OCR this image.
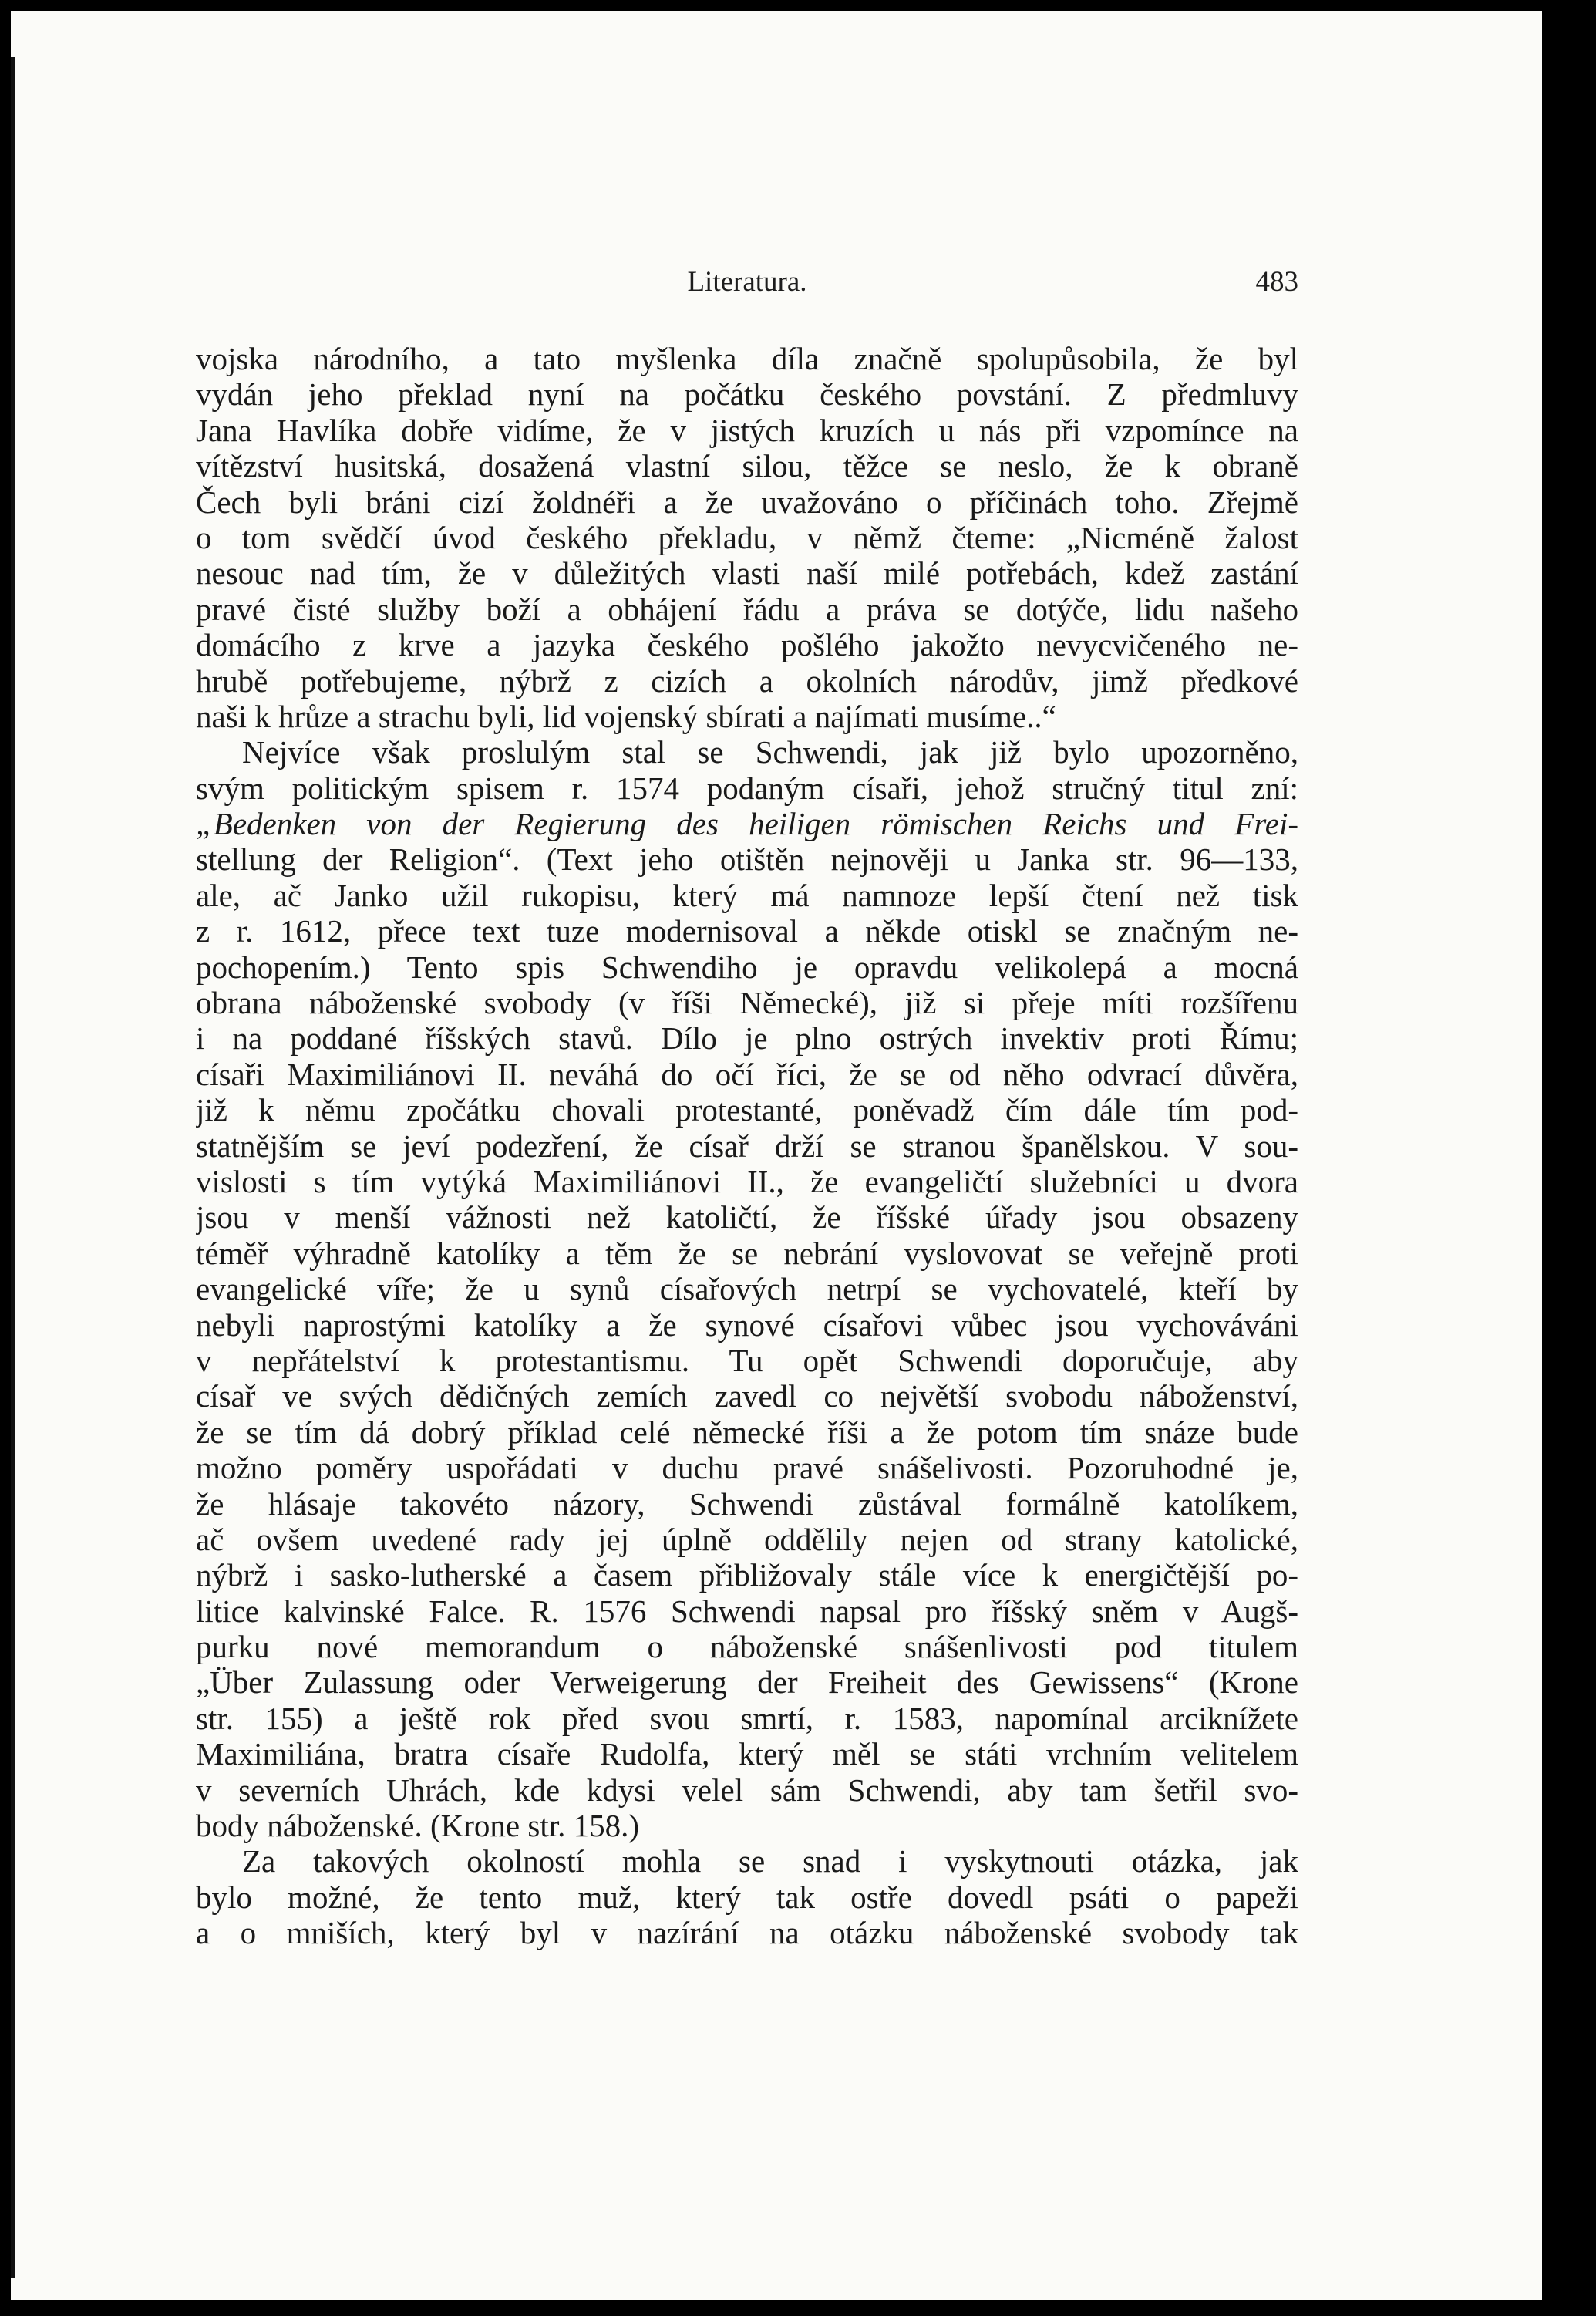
Literatura.	483
vojska národního, a tato myšlenka díla značně spolupůsobila, že byl
vydán jeho překlad nyní na počátku českého povstání. Z předmluvy
Jana Havlíka dobře vidíme, že v jistých kruzích u nás při vzpomínce na
vítězství husitská, dosažená vlastní silou, těžce se neslo, že k obraně
Čech byli bráni cizí žoldnéři a že uvažováno o příčinách toho. Zřejmě
o tom svědčí úvod českého překladu, v němž čteme: „Nicméně žalost
nesouc nad tím, že v důležitých vlasti naší milé potřebách, kdež zastání
pravé čisté služby boží a obhájení řádu a práva se dotýče, lidu našeho
domácího z krve a jazyka českého pošlého jakožto nevycvičeného ne-
hrubě potřebujeme, nýbrž z cizích a okolních národův, jimž předkové
naši k hrůze a strachu byli, lid vojenský sbírati a najímati musíme..“
Nejvíce však proslulým stal se Schwendi, jak již bylo upozorněno,
svým politickým spisem r. 1574 podaným císaři, jehož stručný titul zní:
„Bedenken von der Regierung des heiligen römischen Reichs und Frei-
stellung der Religion“. (Text jeho otištěn nejnověji u Janka str. 96—133,
ale, ač Janko užil rukopisu, který má namnoze lepší čtení než tisk
z r. 1612, přece text tuze modernisoval a někde otiskl se značným ne-
pochopením.) Tento spis Schwendiho je opravdu velikolepá a mocná
obrana náboženské svobody (v říši Německé), již si přeje míti rozšířenu
i na poddané říšských stavů. Dílo je plno ostrých invektiv proti Římu;
císaři Maximiliánovi II. neváhá do očí říci, že se od něho odvrací důvěra,
již k němu zpočátku chovali protestanté, poněvadž čím dále tím pod-
statnějším se jeví podezření, že císař drží se stranou španělskou. V sou-
vislosti s tím vytýká Maximiliánovi II., že evangeličtí služebníci u dvora
jsou v menší vážnosti než katoličtí, že říšské úřady jsou obsazeny
téměř výhradně katolíky a těm že se nebrání vyslovovat se veřejně proti
evangelické víře; že u synů císařových netrpí se vychovatelé, kteří by
nebyli naprostými katolíky a že synové císařovi vůbec jsou vychováváni
v nepřátelství k protestantismu. Tu opět Schwendi doporučuje, aby
císař ve svých dědičných zemích zavedl co největší svobodu náboženství,
že se tím dá dobrý příklad celé německé říši a že potom tím snáze bude
možno poměry uspořádati v duchu pravé snášelivosti. Pozoruhodné je,
že hlásaje takovéto názory, Schwendi zůstával formálně katolíkem,
ač ovšem uvedené rady jej úplně oddělily nejen od strany katolické,
nýbrž i sasko-lutherské a časem přibližovaly stále více k energičtější po-
litice kalvinské Falce. R. 1576 Schwendi napsal pro říšský sněm v Augš-
purku nové memorandum o náboženské snášenlivosti pod titulem
„Über Zulassung oder Verweigerung der Freiheit des Gewissens“ (Krone
str. 155) a ještě rok před svou smrtí, r. 1583, napomínal arciknížete
Maximiliána, bratra císaře Rudolfa, který měl se státi vrchním velitelem
v severních Uhrách, kde kdysi velel sám Schwendi, aby tam šetřil svo-
body náboženské. (Krone str. 158.)
Za takových okolností mohla se snad i vyskytnouti otázka, jak
bylo možné, že tento muž, který tak ostře dovedl psáti o papeži
a o mniších, který byl v nazírání na otázku náboženské svobody tak
